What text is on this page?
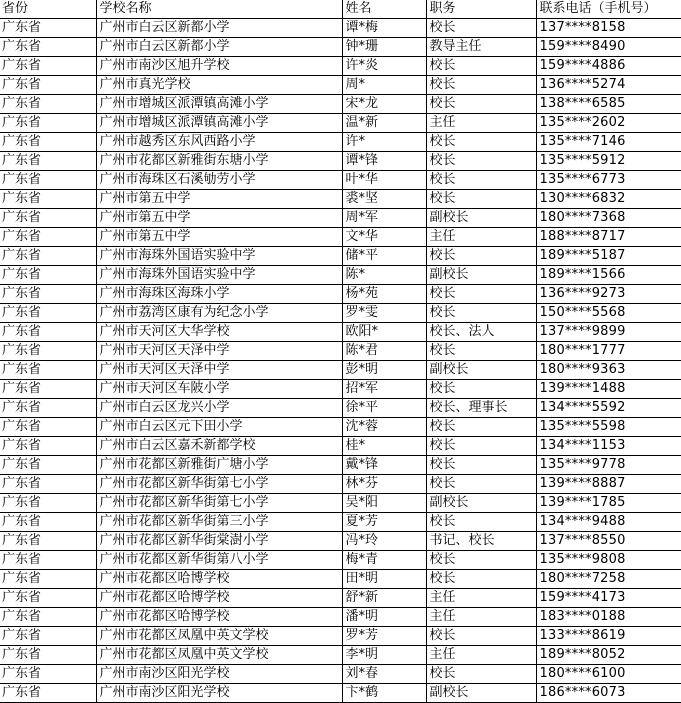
省份	学校名称	姓名	职务	联系电话（手机号）
广东省	广州市白云区新都小学	谭*梅	校长	137****8158
广东省	广州市白云区新都小学	钟*珊	教导主任	159****8490
广东省	广州市南沙区旭升学校	许*炎	校长	159****4886
广东省	广州市真光学校	周*	校长	136****5274
广东省	广州市增城区派潭镇高滩小学	宋*龙	校长	138****6585
广东省	广州市增城区派潭镇高滩小学	温*新	主任	135****2602
广东省	广州市越秀区东风西路小学	许*	校长	135****7146
广东省	广州市花都区新雅街东塘小学	谭*锋	校长	135****5912
广东省	广州市海珠区石溪劬劳小学	叶*华	校长	135****6773
广东省	广州市第五中学	裘*坚	校长	130****6832
广东省	广州市第五中学	周*军	副校长	180****7368
广东省	广州市第五中学	文*华	主任	188****8717
广东省	广州市海珠外国语实验中学	储*平	校长	189****5187
广东省	广州市海珠外国语实验中学	陈*	副校长	189****1566
广东省	广州市海珠区海珠小学	杨*苑	校长	136****9273
广东省	广州市荔湾区康有为纪念小学	罗*雯	校长	150****5568
广东省	广州市天河区大华学校	欧阳*	校长、法人	137****9899
广东省	广州市天河区天泽中学	陈*君	校长	180****1777
广东省	广州市天河区天泽中学	彭*明	副校长	180****9363
广东省	广州市天河区车陂小学	招*军	校长	139****1488
广东省	广州市白云区龙兴小学	徐*平	校长、理事长	134****5592
广东省	广州市白云区元下田小学	沈*蓉	校长	135****5598
广东省	广州市白云区嘉禾新都学校	桂*	校长	134****1153
广东省	广州市花都区新雅街广塘小学	戴*锋	校长	135****9778
广东省	广州市花都区新华街第七小学	林*芬	校长	139****8887
广东省	广州市花都区新华街第七小学	吴*阳	副校长	139****1785
广东省	广州市花都区新华街第三小学	夏*芳	校长	134****9488
广东省	广州市花都区新华街棠澍小学	冯*玲	书记、校长	137****8550
广东省	广州市花都区新华街第八小学	梅*青	校长	135****9808
广东省	广州市花都区哈博学校	田*明	校长	180****7258
广东省	广州市花都区哈博学校	舒*新	主任	159****4173
广东省	广州市花都区哈博学校	潘*明	主任	183****0188
广东省	广州市花都区凤凰中英文学校	罗*芳	校长	133****8619
广东省	广州市花都区凤凰中英文学校	李*明	主任	189****8052
广东省	广州市南沙区阳光学校	刘*春	校长	180****6100
广东省	广州市南沙区阳光学校	卞*鹤	副校长	186****6073
